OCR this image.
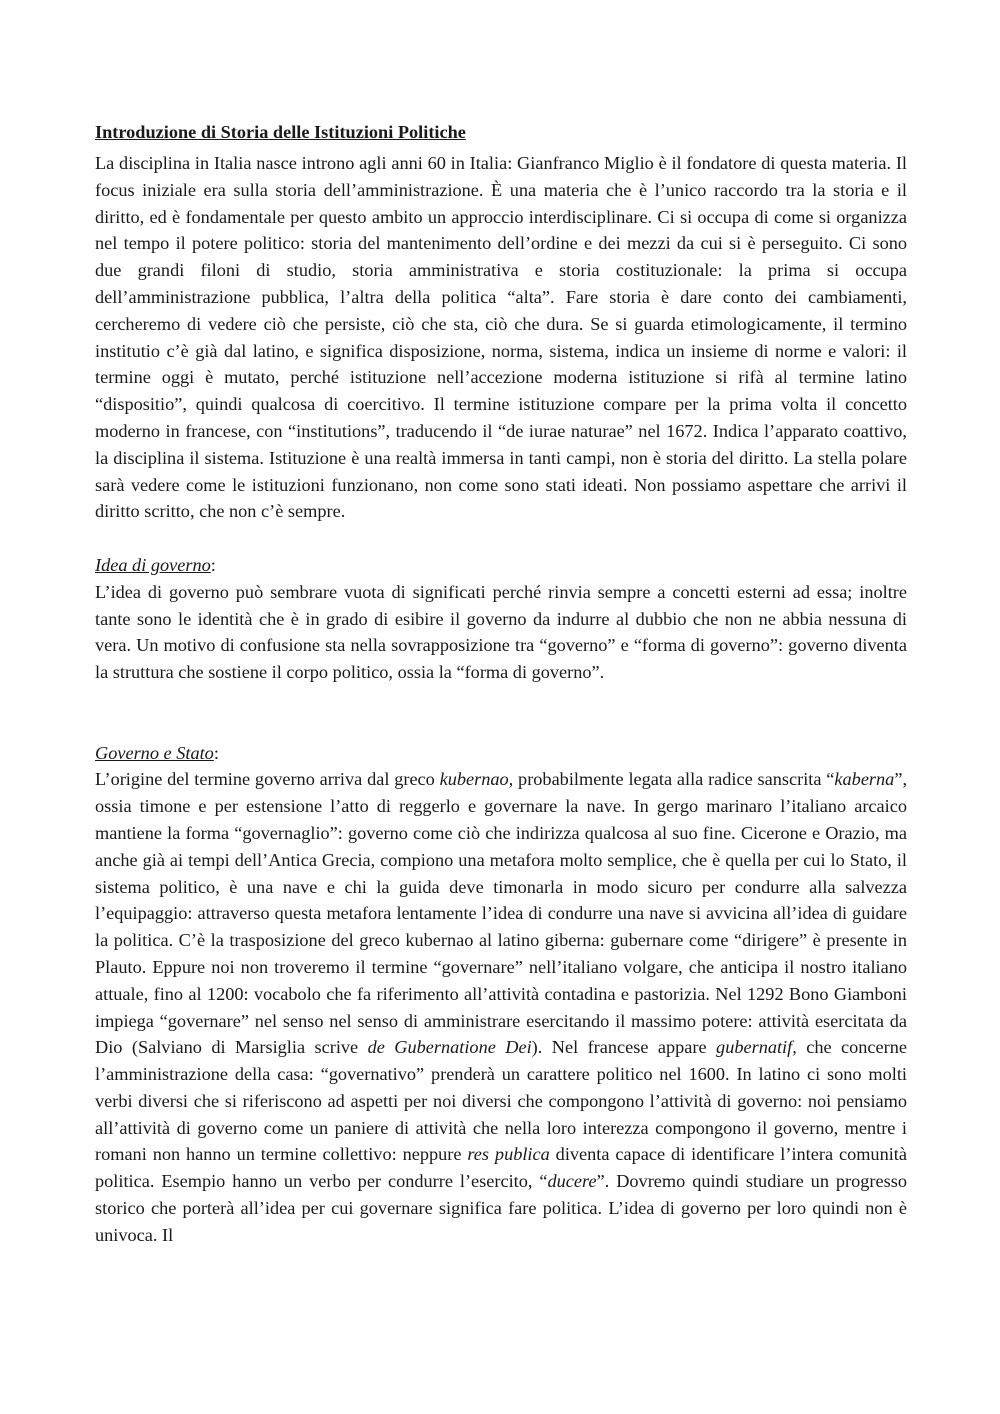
Introduzione di Storia delle Istituzioni Politiche

La disciplina in Italia nasce introno agli anni 60 in Italia: Gianfranco Miglio è il fondatore di questa materia. Il focus iniziale era sulla storia dell’amministrazione. È una materia che è l’unico raccordo tra la storia e il diritto, ed è fondamentale per questo ambito un approccio interdisciplinare. Ci si occupa di come si organizza nel tempo il potere politico: storia del mantenimento dell’ordine e dei mezzi da cui si è perseguito. Ci sono due grandi filoni di studio, storia amministrativa e storia costituzionale: la prima si occupa dell’amministrazione pubblica, l’altra della politica “alta”. Fare storia è dare conto dei cambiamenti, cercheremo di vedere ciò che persiste, ciò che sta, ciò che dura. Se si guarda etimologicamente, il termino institutio c’è già dal latino, e significa disposizione, norma, sistema, indica un insieme di norme e valori: il termine oggi è mutato, perché istituzione nell’accezione moderna istituzione si rifà al termine latino “dispositio”, quindi qualcosa di coercitivo. Il termine istituzione compare per la prima volta il concetto moderno in francese, con “institutions”, traducendo il “de iurae naturae” nel 1672. Indica l’apparato coattivo, la disciplina il sistema. Istituzione è una realtà immersa in tanti campi, non è storia del diritto. La stella polare sarà vedere come le istituzioni funzionano, non come sono stati ideati. Non possiamo aspettare che arrivi il diritto scritto, che non c’è sempre.

Idea di governo:

L’idea di governo può sembrare vuota di significati perché rinvia sempre a concetti esterni ad essa; inoltre tante sono le identità che è in grado di esibire il governo da indurre al dubbio che non ne abbia nessuna di vera. Un motivo di confusione sta nella sovrapposizione tra “governo” e “forma di governo”: governo diventa la struttura che sostiene il corpo politico, ossia la “forma di governo”.

Governo e Stato:

L’origine del termine governo arriva dal greco kubernao, probabilmente legata alla radice sanscrita “kaberna”, ossia timone e per estensione l’atto di reggerlo e governare la nave. In gergo marinaro l’italiano arcaico mantiene la forma “governaglio”: governo come ciò che indirizza qualcosa al suo fine. Cicerone e Orazio, ma anche già ai tempi dell’Antica Grecia, compiono una metafora molto semplice, che è quella per cui lo Stato, il sistema politico, è una nave e chi la guida deve timonarla in modo sicuro per condurre alla salvezza l’equipaggio: attraverso questa metafora lentamente l’idea di condurre una nave si avvicina all’idea di guidare la politica. C’è la trasposizione del greco kubernao al latino giberna: gubernare come “dirigere” è presente in Plauto. Eppure noi non troveremo il termine “governare” nell’italiano volgare, che anticipa il nostro italiano attuale, fino al 1200: vocabolo che fa riferimento all’attività contadina e pastorizia. Nel 1292 Bono Giamboni impiega “governare” nel senso nel senso di amministrare esercitando il massimo potere: attività esercitata da Dio (Salviano di Marsiglia scrive de Gubernatione Dei). Nel francese appare gubernatif, che concerne l’amministrazione della casa: “governativo” prenderà un carattere politico nel 1600. In latino ci sono molti verbi diversi che si riferiscono ad aspetti per noi diversi che compongono l’attività di governo: noi pensiamo all’attività di governo come un paniere di attività che nella loro interezza compongono il governo, mentre i romani non hanno un termine collettivo: neppure res publica diventa capace di identificare l’intera comunità politica. Esempio hanno un verbo per condurre l’esercito, “ducere”. Dovremo quindi studiare un progresso storico che porterà all’idea per cui governare significa fare politica. L’idea di governo per loro quindi non è univoca. Il
